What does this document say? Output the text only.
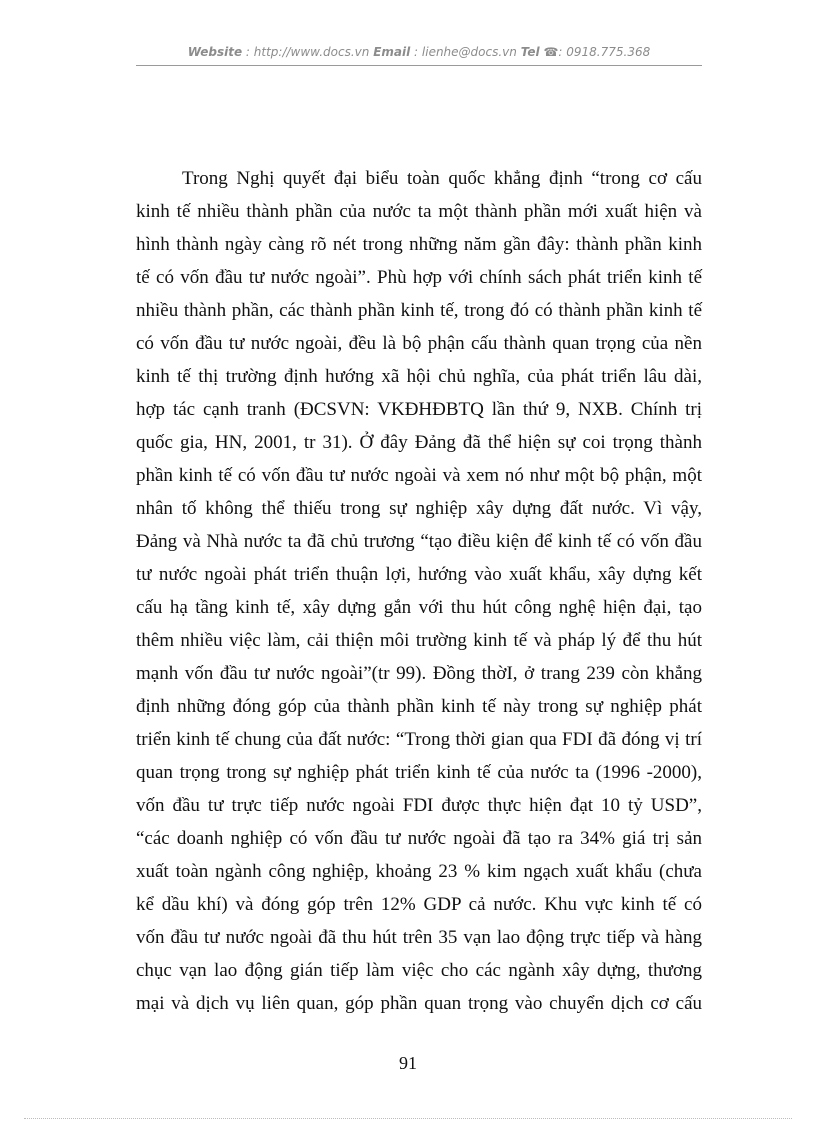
Website : http://www.docs.vn Email : lienhe@docs.vn Tel ☎: 0918.775.368
Trong Nghị quyết đại biểu toàn quốc khẳng định “trong cơ cấu
kinh tế nhiều thành phần của nước ta một thành phần mới xuất hiện và
hình thành ngày càng rõ nét trong những năm gần đây: thành phần kinh
tế có vốn đầu tư nước ngoài”. Phù hợp với chính sách phát triển kinh tế
nhiều thành phần, các thành phần kinh tế, trong đó có thành phần kinh tế
có vốn đầu tư nước ngoài, đều là bộ phận cấu thành quan trọng của nền
kinh tế thị trường định hướng xã hội chủ nghĩa, của phát triển lâu dài,
hợp tác cạnh tranh (ĐCSVN: VKĐHĐBTQ lần thứ 9, NXB. Chính trị
quốc gia, HN, 2001, tr 31). Ở đây Đảng đã thể hiện sự coi trọng thành
phần kinh tế có vốn đầu tư nước ngoài và xem nó như một bộ phận, một
nhân tố không thể thiếu trong sự nghiệp xây dựng đất nước. Vì vậy,
Đảng và Nhà nước ta đã chủ trương “tạo điều kiện để kinh tế có vốn đầu
tư nước ngoài phát triển thuận lợi, hướng vào xuất khẩu, xây dựng kết
cấu hạ tầng kinh tế, xây dựng gắn với thu hút công nghệ hiện đại, tạo
thêm nhiều việc làm, cải thiện môi trường kinh tế và pháp lý để thu hút
mạnh vốn đầu tư nước ngoài”(tr 99). Đồng thờI, ở trang 239 còn khẳng
định những đóng góp của thành phần kinh tế này trong sự nghiệp phát
triển kinh tế chung của đất nước: “Trong thời gian qua FDI đã đóng vị trí
quan trọng trong sự nghiệp phát triển kinh tế của nước ta (1996 -2000),
vốn đầu tư trực tiếp nước ngoài FDI được thực hiện đạt 10 tỷ USD”,
“các doanh nghiệp có vốn đầu tư nước ngoài đã tạo ra 34% giá trị sản
xuất toàn ngành công nghiệp, khoảng 23 % kim ngạch xuất khẩu (chưa
kể dầu khí) và đóng góp trên 12% GDP cả nước. Khu vực kinh tế có
vốn đầu tư nước ngoài đã thu hút trên 35 vạn lao động trực tiếp và hàng
chục vạn lao động gián tiếp làm việc cho các ngành xây dựng, thương
mại và dịch vụ liên quan, góp phần quan trọng vào chuyển dịch cơ cấu
91
